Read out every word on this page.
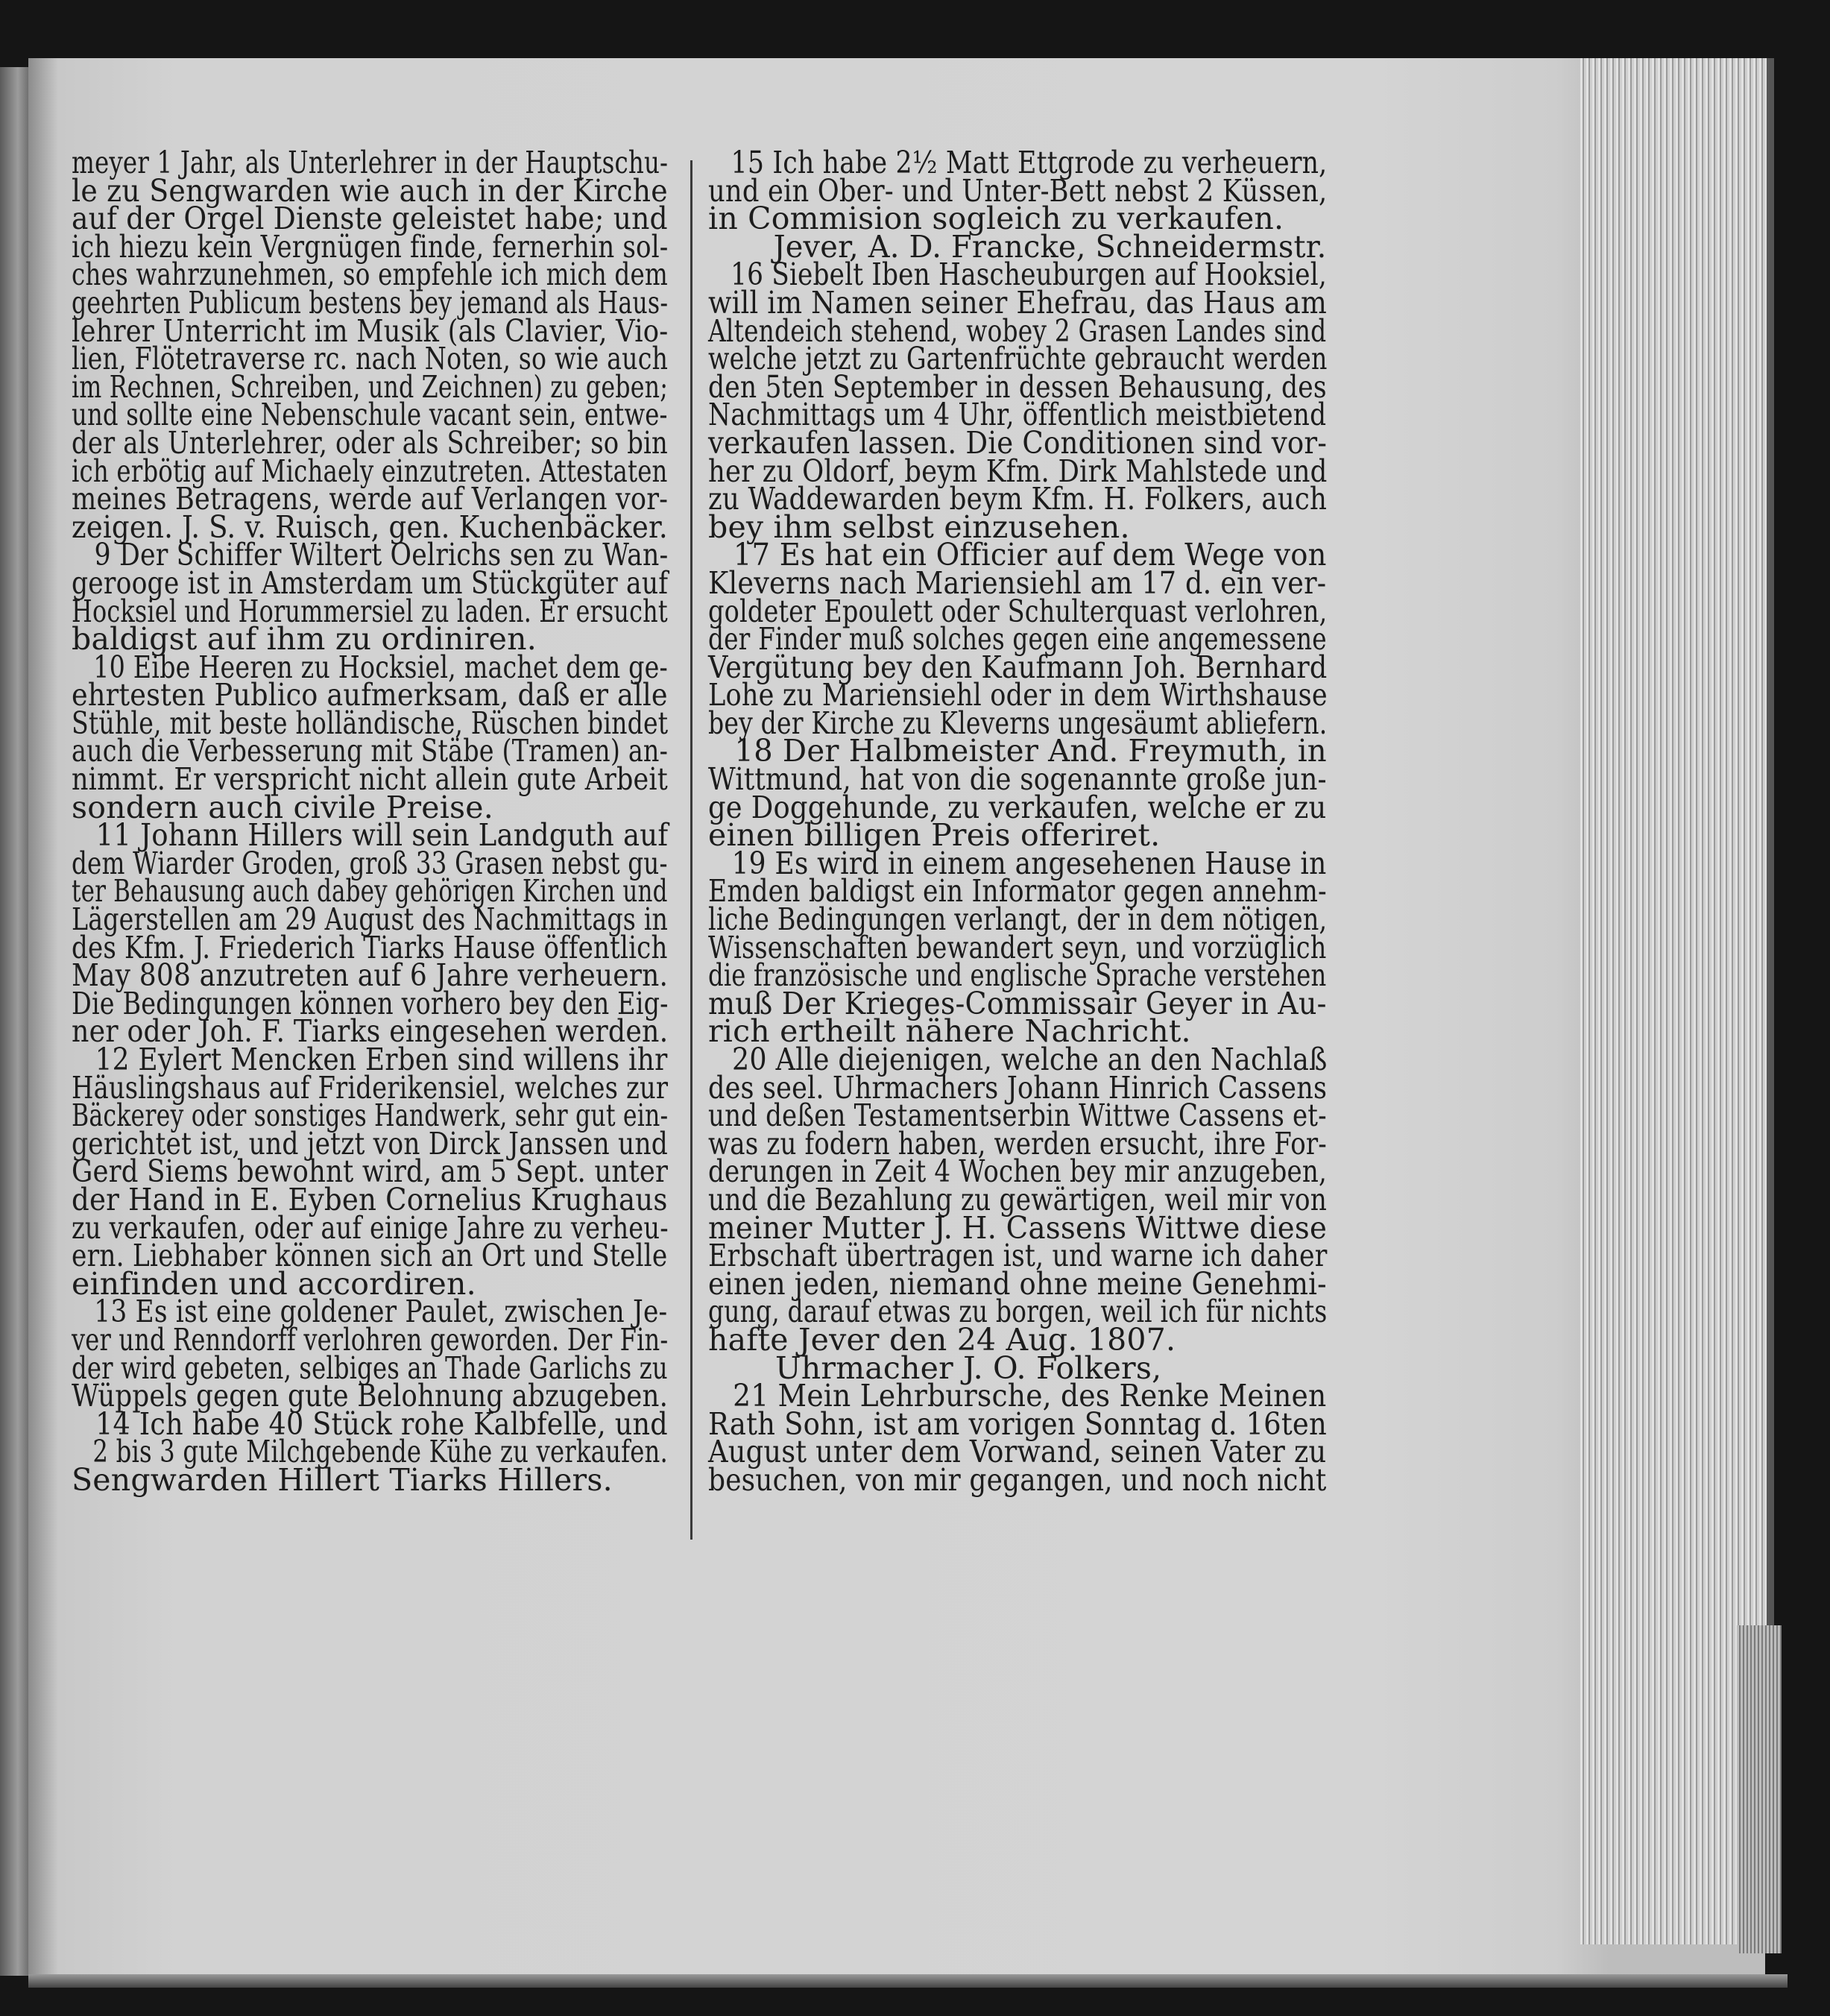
meyer 1 Jahr, als Unterlehrer in der Hauptschu-
le zu Sengwarden wie auch in der Kirche
auf der Orgel Dienste geleistet habe; und
ich hiezu kein Vergnügen finde, fernerhin sol-
ches wahrzunehmen, so empfehle ich mich dem
geehrten Publicum bestens bey jemand als Haus-
lehrer Unterricht im Musik (als Clavier, Vio-
lien, Flötetraverse rc. nach Noten, so wie auch
im Rechnen, Schreiben, und Zeichnen) zu geben;
und sollte eine Nebenschule vacant sein, entwe-
der als Unterlehrer, oder als Schreiber; so bin
ich erbötig auf Michaely einzutreten. Attestaten
meines Betragens, werde auf Verlangen vor-
zeigen. J. S. v. Ruisch, gen. Kuchenbäcker.
9 Der Schiffer Wiltert Oelrichs sen zu Wan-
gerooge ist in Amsterdam um Stückgüter auf
Hocksiel und Horummersiel zu laden. Er ersucht
baldigst auf ihm zu ordiniren.
10 Eibe Heeren zu Hocksiel, machet dem ge-
ehrtesten Publico aufmerksam, daß er alle
Stühle, mit beste holländische, Rüschen bindet
auch die Verbesserung mit Stäbe (Tramen) an-
nimmt. Er verspricht nicht allein gute Arbeit
sondern auch civile Preise.
11 Johann Hillers will sein Landguth auf
dem Wiarder Groden, groß 33 Grasen nebst gu-
ter Behausung auch dabey gehörigen Kirchen und
Lägerstellen am 29 August des Nachmittags in
des Kfm. J. Friederich Tiarks Hause öffentlich
May 808 anzutreten auf 6 Jahre verheuern.
Die Bedingungen können vorhero bey den Eig-
ner oder Joh. F. Tiarks eingesehen werden.
12 Eylert Mencken Erben sind willens ihr
Häuslingshaus auf Friderikensiel, welches zur
Bäckerey oder sonstiges Handwerk, sehr gut ein-
gerichtet ist, und jetzt von Dirck Janssen und
Gerd Siems bewohnt wird, am 5 Sept. unter
der Hand in E. Eyben Cornelius Krughaus
zu verkaufen, oder auf einige Jahre zu verheu-
ern. Liebhaber können sich an Ort und Stelle
einfinden und accordiren.
13 Es ist eine goldener Paulet, zwischen Je-
ver und Renndorff verlohren geworden. Der Fin-
der wird gebeten, selbiges an Thade Garlichs zu
Wüppels gegen gute Belohnung abzugeben.
14 Ich habe 40 Stück rohe Kalbfelle, und
2 bis 3 gute Milchgebende Kühe zu verkaufen.
Sengwarden Hillert Tiarks Hillers.
15 Ich habe 2½ Matt Ettgrode zu verheuern,
und ein Ober- und Unter-Bett nebst 2 Küssen,
in Commision sogleich zu verkaufen.
Jever, A. D. Francke, Schneidermstr.
16 Siebelt Iben Hascheuburgen auf Hooksiel,
will im Namen seiner Ehefrau, das Haus am
Altendeich stehend, wobey 2 Grasen Landes sind
welche jetzt zu Gartenfrüchte gebraucht werden
den 5ten September in dessen Behausung, des
Nachmittags um 4 Uhr, öffentlich meistbietend
verkaufen lassen. Die Conditionen sind vor-
her zu Oldorf, beym Kfm. Dirk Mahlstede und
zu Waddewarden beym Kfm. H. Folkers, auch
bey ihm selbst einzusehen.
17 Es hat ein Officier auf dem Wege von
Kleverns nach Mariensiehl am 17 d. ein ver-
goldeter Epoulett oder Schulterquast verlohren,
der Finder muß solches gegen eine angemessene
Vergütung bey den Kaufmann Joh. Bernhard
Lohe zu Mariensiehl oder in dem Wirthshause
bey der Kirche zu Kleverns ungesäumt abliefern.
18 Der Halbmeister And. Freymuth, in
Wittmund, hat von die sogenannte große jun-
ge Doggehunde, zu verkaufen, welche er zu
einen billigen Preis offeriret.
19 Es wird in einem angesehenen Hause in
Emden baldigst ein Informator gegen annehm-
liche Bedingungen verlangt, der in dem nötigen,
Wissenschaften bewandert seyn, und vorzüglich
die französische und englische Sprache verstehen
muß Der Krieges-Commissair Geyer in Au-
rich ertheilt nähere Nachricht.
20 Alle diejenigen, welche an den Nachlaß
des seel. Uhrmachers Johann Hinrich Cassens
und deßen Testamentserbin Wittwe Cassens et-
was zu fodern haben, werden ersucht, ihre For-
derungen in Zeit 4 Wochen bey mir anzugeben,
und die Bezahlung zu gewärtigen, weil mir von
meiner Mutter J. H. Cassens Wittwe diese
Erbschaft übertragen ist, und warne ich daher
einen jeden, niemand ohne meine Genehmi-
gung, darauf etwas zu borgen, weil ich für nichts
hafte Jever den 24 Aug. 1807.
Uhrmacher J. O. Folkers,
21 Mein Lehrbursche, des Renke Meinen
Rath Sohn, ist am vorigen Sonntag d. 16ten
August unter dem Vorwand, seinen Vater zu
besuchen, von mir gegangen, und noch nicht
